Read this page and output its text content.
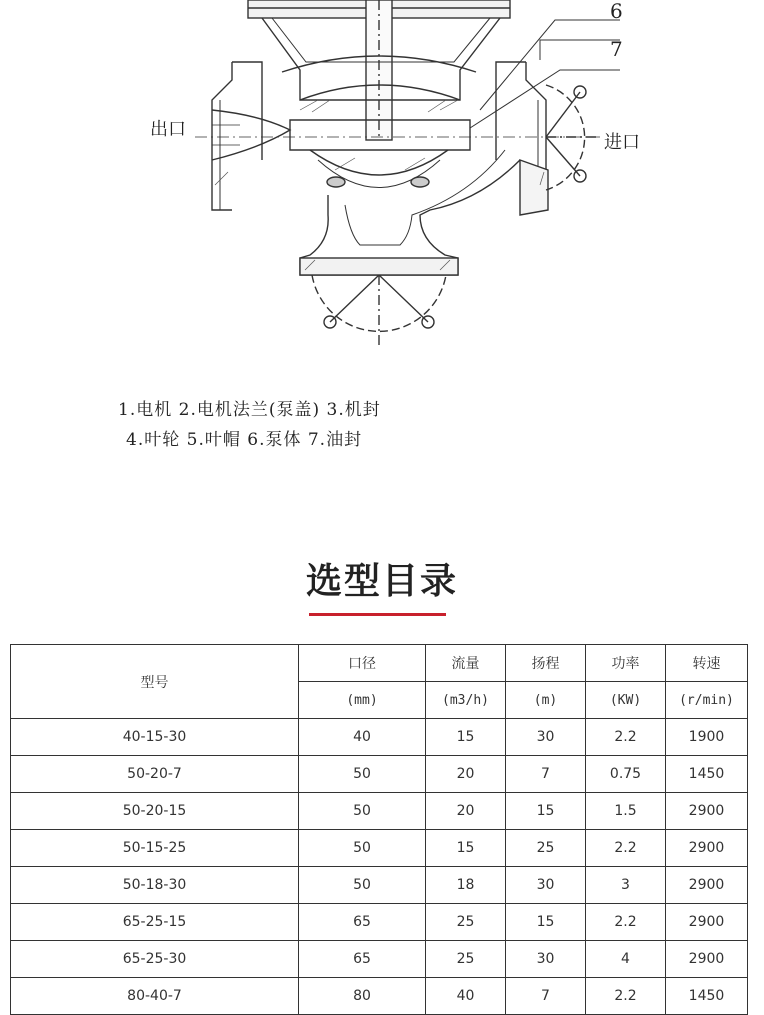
6
7
出口
进口
1.电机 2.电机法兰(泵盖) 3.机封
4.叶轮 5.叶帽 6.泵体 7.油封
选型目录
型号	口径	流量	扬程	功率	转速
	(mm)	(m3/h)	(m)	(KW)	(r/min)
40-15-30	40	15	30	2.2	1900
50-20-7	50	20	7	0.75	1450
50-20-15	50	20	15	1.5	2900
50-15-25	50	15	25	2.2	2900
50-18-30	50	18	30	3	2900
65-25-15	65	25	15	2.2	2900
65-25-30	65	25	30	4	2900
80-40-7	80	40	7	2.2	1450
